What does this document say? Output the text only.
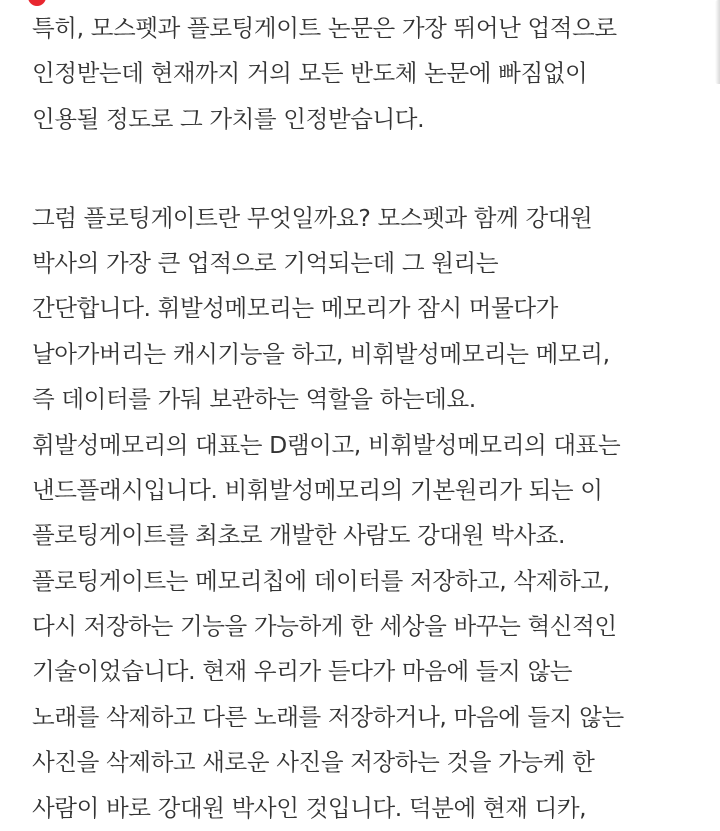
특히, 모스펫과 플로팅게이트 논문은 가장 뛰어난 업적으로
인정받는데 현재까지 거의 모든 반도체 논문에 빠짐없이
인용될 정도로 그 가치를 인정받습니다.
그럼 플로팅게이트란 무엇일까요? 모스펫과 함께 강대원
박사의 가장 큰 업적으로 기억되는데 그 원리는
간단합니다. 휘발성메모리는 메모리가 잠시 머물다가
날아가버리는 캐시기능을 하고, 비휘발성메모리는 메모리,
즉 데이터를 가둬 보관하는 역할을 하는데요.
휘발성메모리의 대표는 D램이고, 비휘발성메모리의 대표는
낸드플래시입니다. 비휘발성메모리의 기본원리가 되는 이
플로팅게이트를 최초로 개발한 사람도 강대원 박사죠.
플로팅게이트는 메모리칩에 데이터를 저장하고, 삭제하고,
다시 저장하는 기능을 가능하게 한 세상을 바꾸는 혁신적인
기술이었습니다. 현재 우리가 듣다가 마음에 들지 않는
노래를 삭제하고 다른 노래를 저장하거나, 마음에 들지 않는
사진을 삭제하고 새로운 사진을 저장하는 것을 가능케 한
사람이 바로 강대원 박사인 것입니다. 덕분에 현재 디카,
